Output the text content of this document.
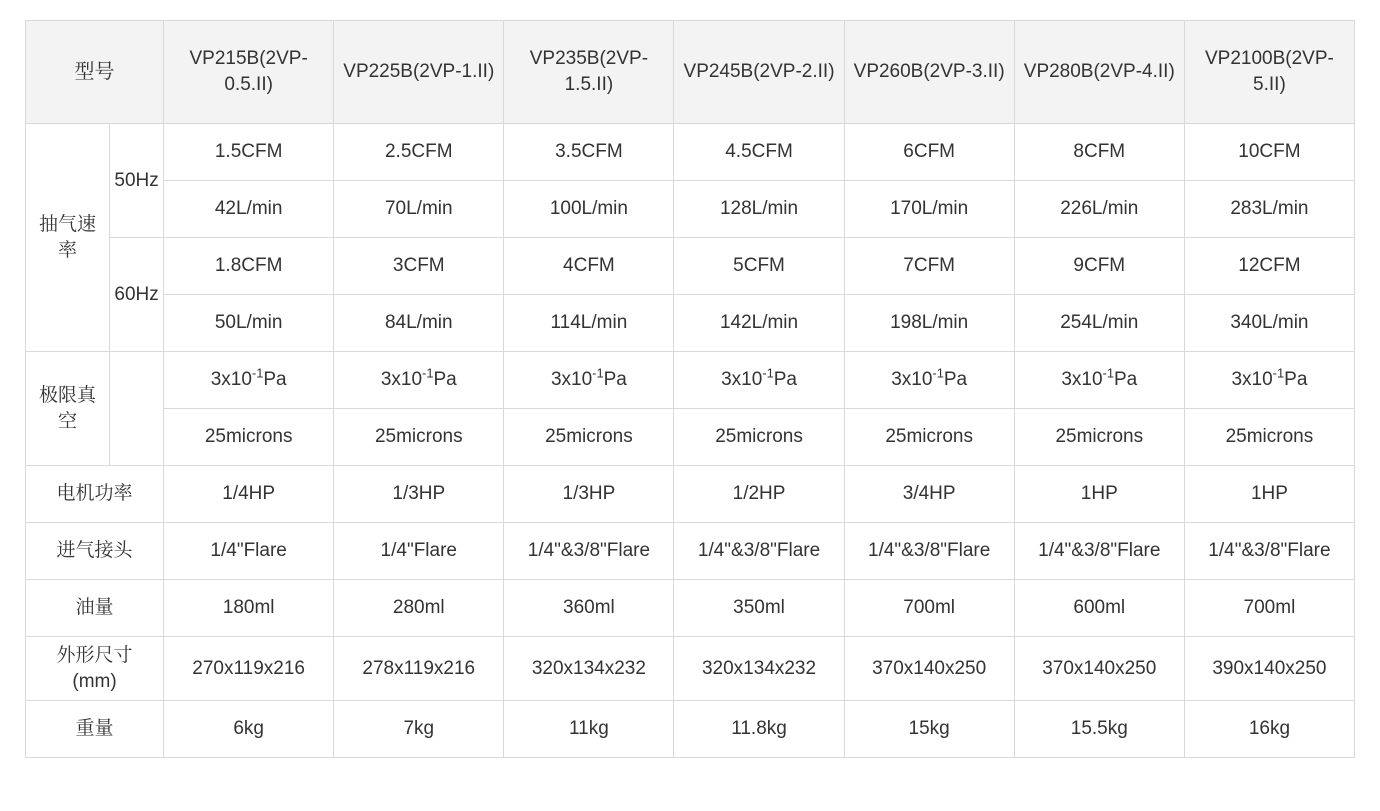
型号		VP215B(2VP-0.5.II)	VP225B(2VP-1.II)	VP235B(2VP-1.5.II)	VP245B(2VP-2.II)	VP260B(2VP-3.II)	VP280B(2VP-4.II)	VP2100B(2VP-5.II)
抽气速率	50Hz	1.5CFM	2.5CFM	3.5CFM	4.5CFM	6CFM	8CFM	10CFM
		42L/min	70L/min	100L/min	128L/min	170L/min	226L/min	283L/min
	60Hz	1.8CFM	3CFM	4CFM	5CFM	7CFM	9CFM	12CFM
		50L/min	84L/min	114L/min	142L/min	198L/min	254L/min	340L/min
极限真空		$3x10^{-1}Pa$	$3x10^{-1}Pa$	$3x10^{-1}Pa$	$3x10^{-1}Pa$	$3x10^{-1}Pa$	$3x10^{-1}Pa$	$3x10^{-1}Pa$
		25microns	25microns	25microns	25microns	25microns	25microns	25microns
电机功率		1/4HP	1/3HP	1/3HP	1/2HP	3/4HP	1HP	1HP
进气接头		1/4"Flare	1/4"Flare	1/4"&3/8"Flare	1/4"&3/8"Flare	1/4"&3/8"Flare	1/4"&3/8"Flare	1/4"&3/8"Flare
油量		180ml	280ml	360ml	350ml	700ml	600ml	700ml

外形尺寸
(mm)		270x119x216	278x119x216	320x134x232	320x134x232	370x140x250	370x140x250	390x140x250
重量		6kg	7kg	11kg	11.8kg	15kg	15.5kg	16kg
